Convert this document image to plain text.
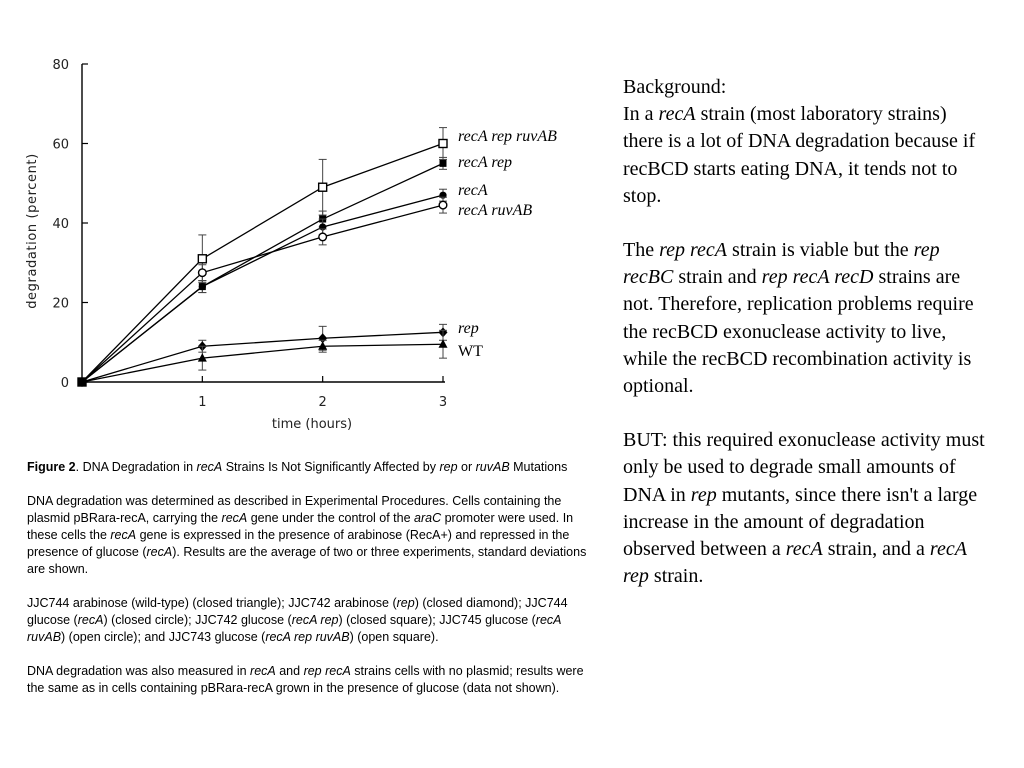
0
20
40
60
80
1	2	3
time (hours)
degradation (percent)
recA rep ruvAB
recA rep
recA
recA ruvAB
rep
WT

Figure 2. DNA Degradation in recA Strains Is Not Significantly Affected by rep or ruvAB Mutations

DNA degradation was determined as described in Experimental Procedures. Cells containing the plasmid pBRara-recA, carrying the recA gene under the control of the araC promoter were used. In these cells the recA gene is expressed in the presence of arabinose (RecA+) and repressed in the presence of glucose (recA). Results are the average of two or three experiments, standard deviations are shown.

JJC744 arabinose (wild-type) (closed triangle); JJC742 arabinose (rep) (closed diamond); JJC744 glucose (recA) (closed circle); JJC742 glucose (recA rep) (closed square); JJC745 glucose (recA ruvAB) (open circle); and JJC743 glucose (recA rep ruvAB) (open square).

DNA degradation was also measured in recA and rep recA strains cells with no plasmid; results were the same as in cells containing pBRara-recA grown in the presence of glucose (data not shown).

Background:

In a recA strain (most laboratory strains) there is a lot of DNA degradation because if recBCD starts eating DNA, it tends not to stop.

The rep recA strain is viable but the rep recBC strain and rep recA recD strains are not. Therefore, replication problems require the recBCD exonuclease activity to live, while the recBCD recombination activity is optional.

BUT: this required exonuclease activity must only be used to degrade small amounts of DNA in rep mutants, since there isn't a large increase in the amount of degradation observed between a recA strain, and a recA rep strain.
